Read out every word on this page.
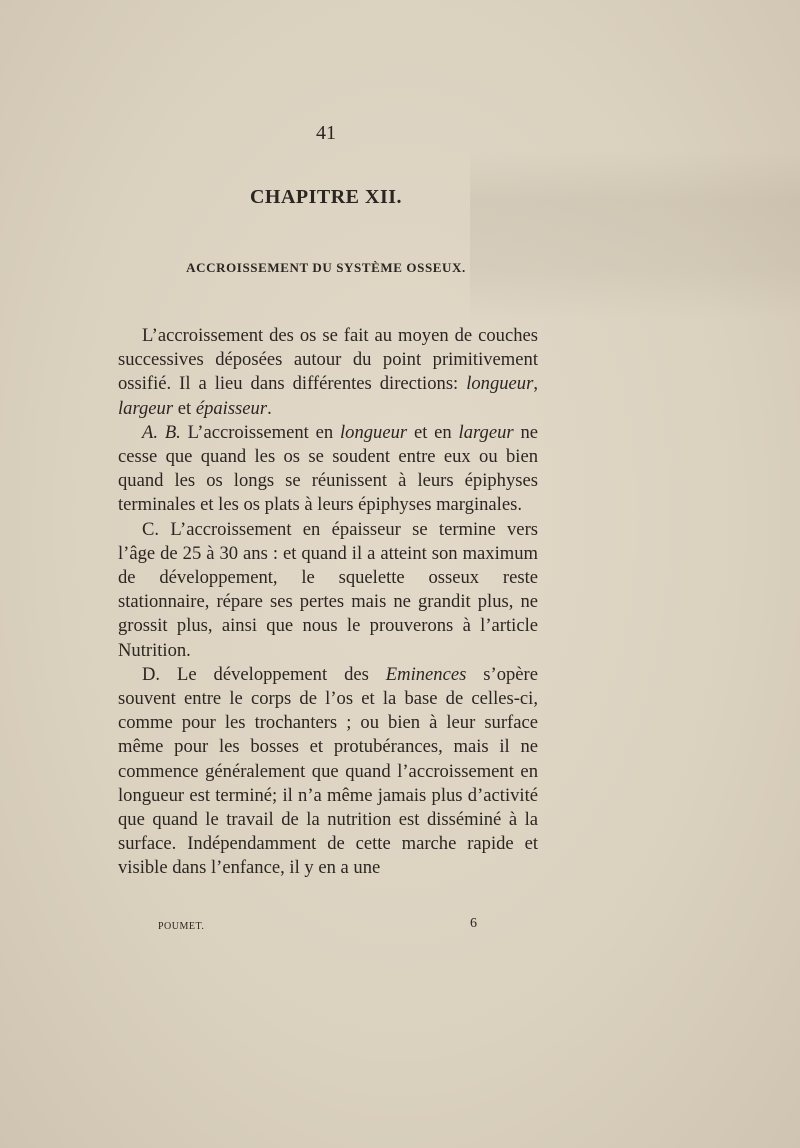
41
CHAPITRE XII.
ACCROISSEMENT DU SYSTÈME OSSEUX.

L’accroissement des os se fait au moyen de couches successives déposées autour du point primitivement ossifié. Il a lieu dans différentes directions: longueur, largeur et épaisseur.

A. B. L’accroissement en longueur et en largeur ne cesse que quand les os se soudent entre eux ou bien quand les os longs se réunissent à leurs épiphyses terminales et les os plats à leurs épiphyses marginales.

C. L’accroissement en épaisseur se termine vers l’âge de 25 à 30 ans : et quand il a atteint son maximum de développement, le squelette osseux reste stationnaire, répare ses pertes mais ne grandit plus, ne grossit plus, ainsi que nous le prouverons à l’article Nutrition.

D. Le développement des Eminences s’opère souvent entre le corps de l’os et la base de celles-ci, comme pour les trochanters ; ou bien à leur surface même pour les bosses et protubérances, mais il ne commence généralement que quand l’accroissement en longueur est terminé; il n’a même jamais plus d’activité que quand le travail de la nutrition est disséminé à la surface. Indépendamment de cette marche rapide et visible dans l’enfance, il y en a une

POUMET.	6
